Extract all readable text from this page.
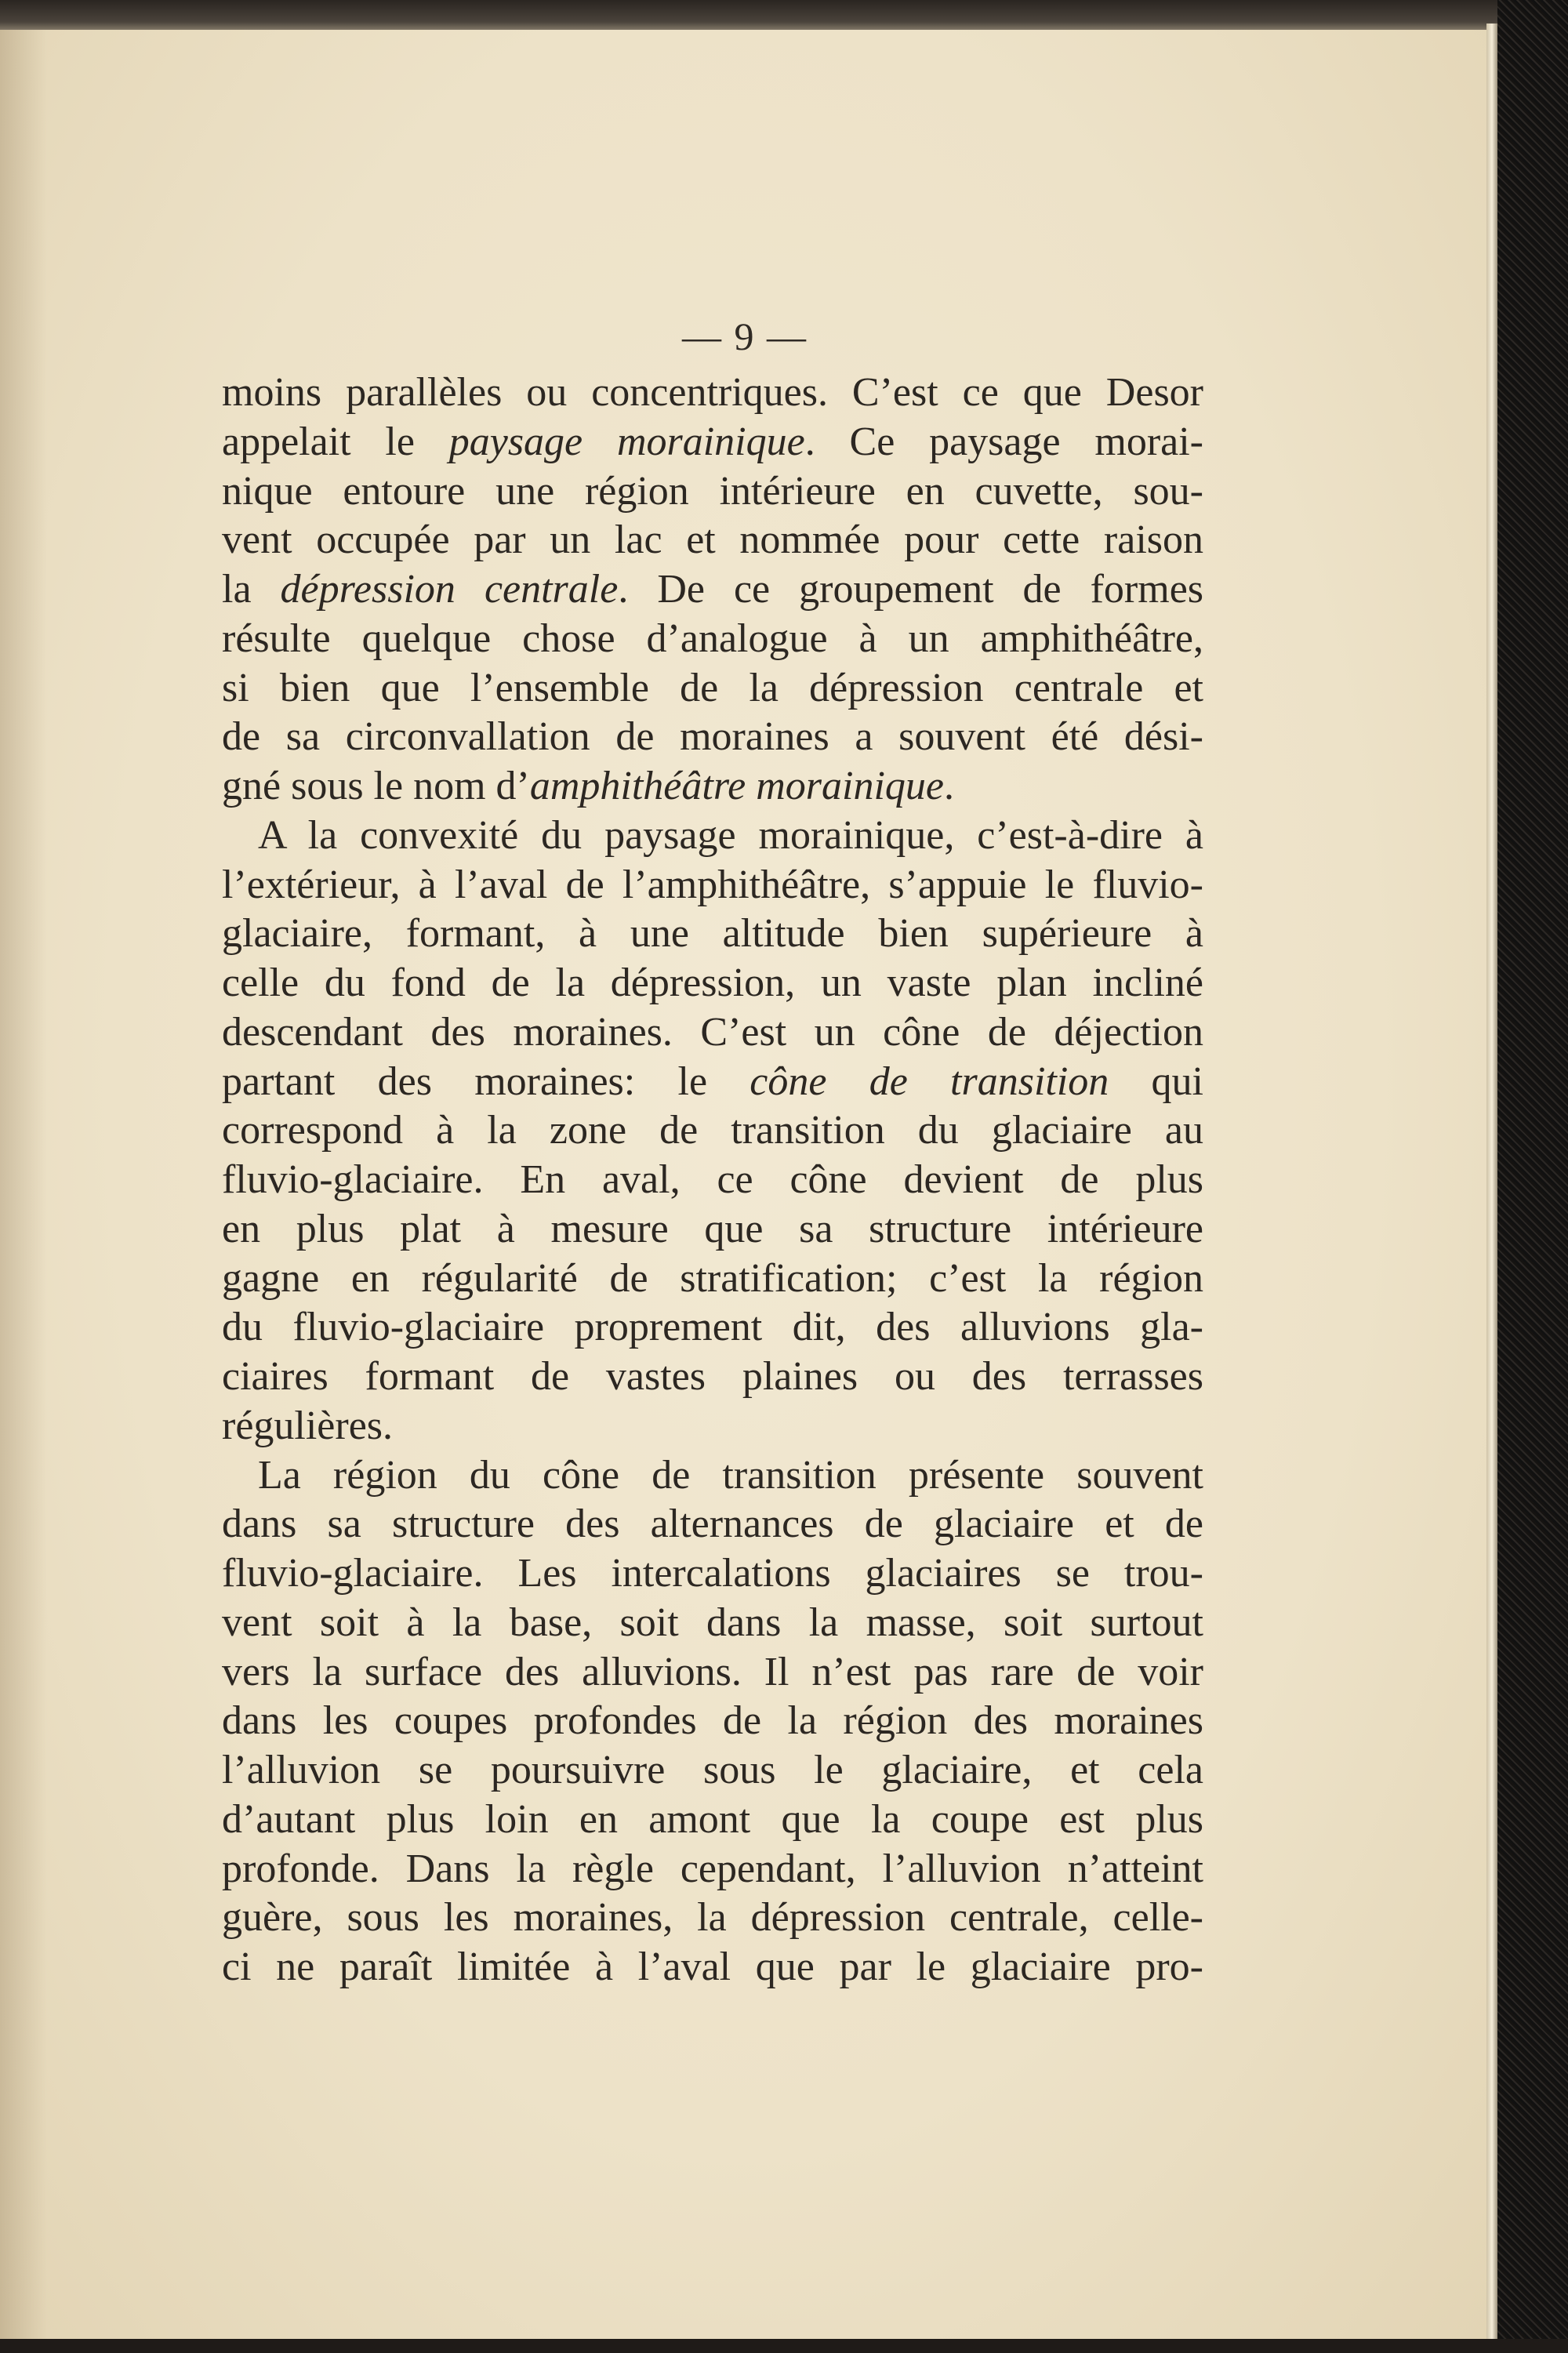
— 9 —
moins parallèles ou concentriques. C’est ce que Desor
appelait le paysage morainique. Ce paysage morai-
nique entoure une région intérieure en cuvette, sou-
vent occupée par un lac et nommée pour cette raison
la dépression centrale. De ce groupement de formes
résulte quelque chose d’analogue à un amphithéâtre,
si bien que l’ensemble de la dépression centrale et
de sa circonvallation de moraines a souvent été dési-
gné sous le nom d’amphithéâtre morainique.
A la convexité du paysage morainique, c’est-à-dire à
l’extérieur, à l’aval de l’amphithéâtre, s’appuie le fluvio-
glaciaire, formant, à une altitude bien supérieure à
celle du fond de la dépression, un vaste plan incliné
descendant des moraines. C’est un cône de déjection
partant des moraines: le cône de transition qui
correspond à la zone de transition du glaciaire au
fluvio-glaciaire. En aval, ce cône devient de plus
en plus plat à mesure que sa structure intérieure
gagne en régularité de stratification; c’est la région
du fluvio-glaciaire proprement dit, des alluvions gla-
ciaires formant de vastes plaines ou des terrasses
régulières.
La région du cône de transition présente souvent
dans sa structure des alternances de glaciaire et de
fluvio-glaciaire. Les intercalations glaciaires se trou-
vent soit à la base, soit dans la masse, soit surtout
vers la surface des alluvions. Il n’est pas rare de voir
dans les coupes profondes de la région des moraines
l’alluvion se poursuivre sous le glaciaire, et cela
d’autant plus loin en amont que la coupe est plus
profonde. Dans la règle cependant, l’alluvion n’atteint
guère, sous les moraines, la dépression centrale, celle-
ci ne paraît limitée à l’aval que par le glaciaire pro-
